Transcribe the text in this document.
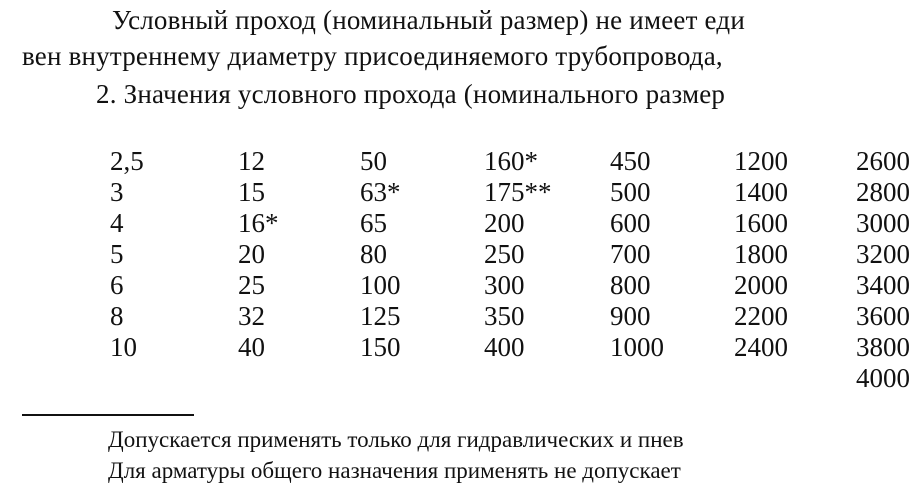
Условный проход (номинальный размер) не имеет еди
вен внутреннему диаметру присоединяемого трубопровода,
2. Значения условного прохода (номинального размер
2,5
3
4
5
6
8
10
12
15
16*
20
25
32
40
50
63*
65
80
100
125
150
160*
175**
200
250
300
350
400
450
500
600
700
800
900
1000
1200
1400
1600
1800
2000
2200
2400
2600
2800
3000
3200
3400
3600
3800
4000
Допускается применять только для гидравлических и пнев
Для арматуры общего назначения применять не допускает
